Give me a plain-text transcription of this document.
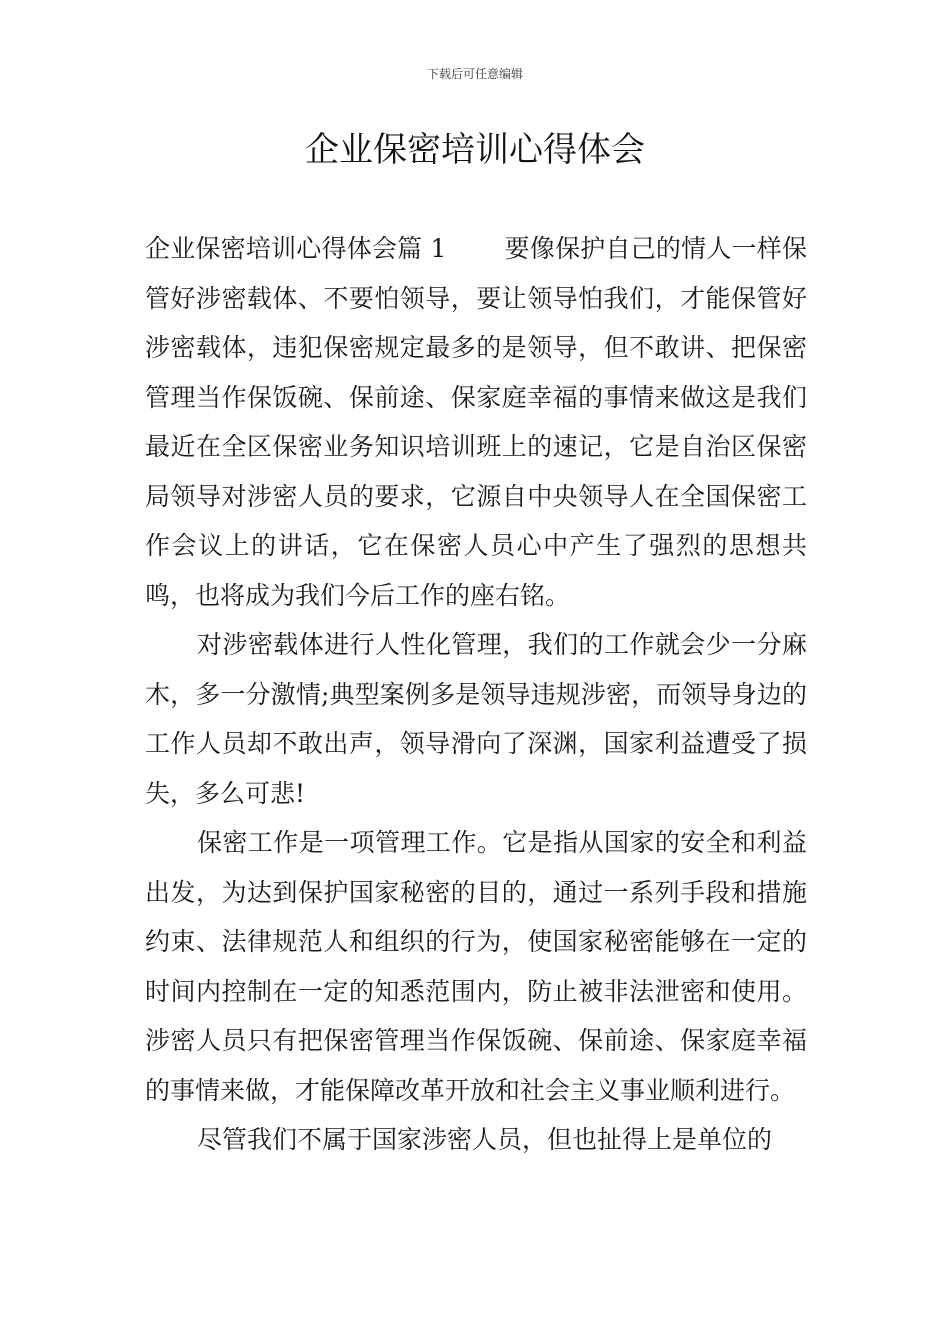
下载后可任意编辑
企业保密培训心得体会

企业保密培训心得体会篇 1 要像保护自己的情人一样保管好涉密载体、不要怕领导，要让领导怕我们，才能保管好涉密载体，违犯保密规定最多的是领导，但不敢讲、把保密管理当作保饭碗、保前途、保家庭幸福的事情来做这是我们最近在全区保密业务知识培训班上的速记，它是自治区保密局领导对涉密人员的要求，它源自中央领导人在全国保密工作会议上的讲话，它在保密人员心中产生了强烈的思想共鸣，也将成为我们今后工作的座右铭。

对涉密载体进行人性化管理，我们的工作就会少一分麻木，多一分激情;典型案例多是领导违规涉密，而领导身边的工作人员却不敢出声，领导滑向了深渊，国家利益遭受了损失，多么可悲!

保密工作是一项管理工作。它是指从国家的安全和利益出发，为达到保护国家秘密的目的，通过一系列手段和措施约束、法律规范人和组织的行为，使国家秘密能够在一定的时间内控制在一定的知悉范围内，防止被非法泄密和使用。涉密人员只有把保密管理当作保饭碗、保前途、保家庭幸福的事情来做，才能保障改革开放和社会主义事业顺利进行。

尽管我们不属于国家涉密人员，但也扯得上是单位的
